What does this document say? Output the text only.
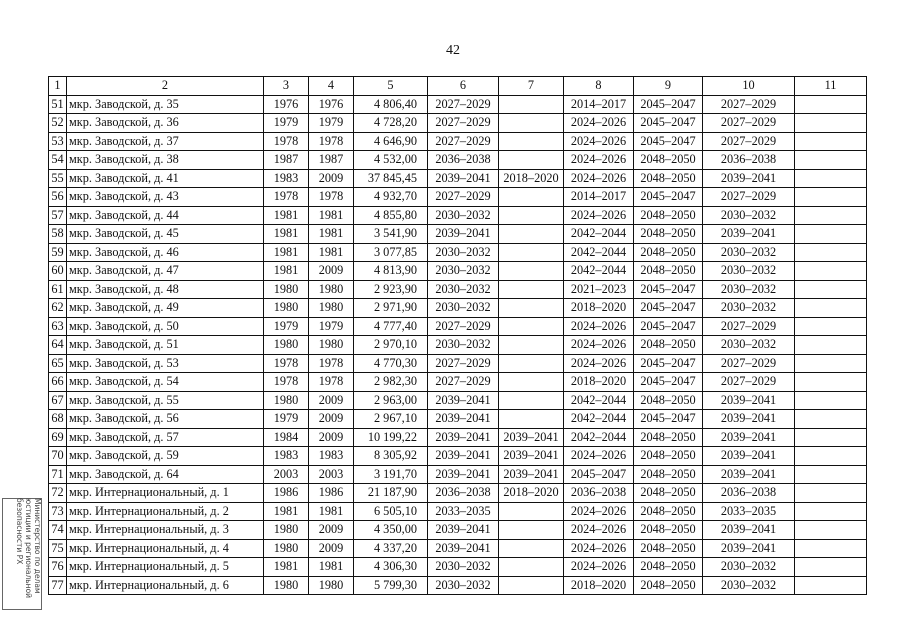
42
1	2	3	4	5	6	7	8	9	10	11
51	мкр. Заводской, д. 35	1976	1976	4 806,40	2027–2029		2014–2017	2045–2047	2027–2029	
52	мкр. Заводской, д. 36	1979	1979	4 728,20	2027–2029		2024–2026	2045–2047	2027–2029	
53	мкр. Заводской, д. 37	1978	1978	4 646,90	2027–2029		2024–2026	2045–2047	2027–2029	
54	мкр. Заводской, д. 38	1987	1987	4 532,00	2036–2038		2024–2026	2048–2050	2036–2038	
55	мкр. Заводской, д. 41	1983	2009	37 845,45	2039–2041	2018–2020	2024–2026	2048–2050	2039–2041	
56	мкр. Заводской, д. 43	1978	1978	4 932,70	2027–2029		2014–2017	2045–2047	2027–2029	
57	мкр. Заводской, д. 44	1981	1981	4 855,80	2030–2032		2024–2026	2048–2050	2030–2032	
58	мкр. Заводской, д. 45	1981	1981	3 541,90	2039–2041		2042–2044	2048–2050	2039–2041	
59	мкр. Заводской, д. 46	1981	1981	3 077,85	2030–2032		2042–2044	2048–2050	2030–2032	
60	мкр. Заводской, д. 47	1981	2009	4 813,90	2030–2032		2042–2044	2048–2050	2030–2032	
61	мкр. Заводской, д. 48	1980	1980	2 923,90	2030–2032		2021–2023	2045–2047	2030–2032	
62	мкр. Заводской, д. 49	1980	1980	2 971,90	2030–2032		2018–2020	2045–2047	2030–2032	
63	мкр. Заводской, д. 50	1979	1979	4 777,40	2027–2029		2024–2026	2045–2047	2027–2029	
64	мкр. Заводской, д. 51	1980	1980	2 970,10	2030–2032		2024–2026	2048–2050	2030–2032	
65	мкр. Заводской, д. 53	1978	1978	4 770,30	2027–2029		2024–2026	2045–2047	2027–2029	
66	мкр. Заводской, д. 54	1978	1978	2 982,30	2027–2029		2018–2020	2045–2047	2027–2029	
67	мкр. Заводской, д. 55	1980	2009	2 963,00	2039–2041		2042–2044	2048–2050	2039–2041	
68	мкр. Заводской, д. 56	1979	2009	2 967,10	2039–2041		2042–2044	2045–2047	2039–2041	
69	мкр. Заводской, д. 57	1984	2009	10 199,22	2039–2041	2039–2041	2042–2044	2048–2050	2039–2041	
70	мкр. Заводской, д. 59	1983	1983	8 305,92	2039–2041	2039–2041	2024–2026	2048–2050	2039–2041	
71	мкр. Заводской, д. 64	2003	2003	3 191,70	2039–2041	2039–2041	2045–2047	2048–2050	2039–2041	
72	мкр. Интернациональный, д. 1	1986	1986	21 187,90	2036–2038	2018–2020	2036–2038	2048–2050	2036–2038	
73	мкр. Интернациональный, д. 2	1981	1981	6 505,10	2033–2035		2024–2026	2048–2050	2033–2035	
74	мкр. Интернациональный, д. 3	1980	2009	4 350,00	2039–2041		2024–2026	2048–2050	2039–2041	
75	мкр. Интернациональный, д. 4	1980	2009	4 337,20	2039–2041		2024–2026	2048–2050	2039–2041	
76	мкр. Интернациональный, д. 5	1981	1981	4 306,30	2030–2032		2024–2026	2048–2050	2030–2032	
77	мкр. Интернациональный, д. 6	1980	1980	5 799,30	2030–2032		2018–2020	2048–2050	2030–2032	
Министерство по делам
юстиции и региональной
безопасности РХ
